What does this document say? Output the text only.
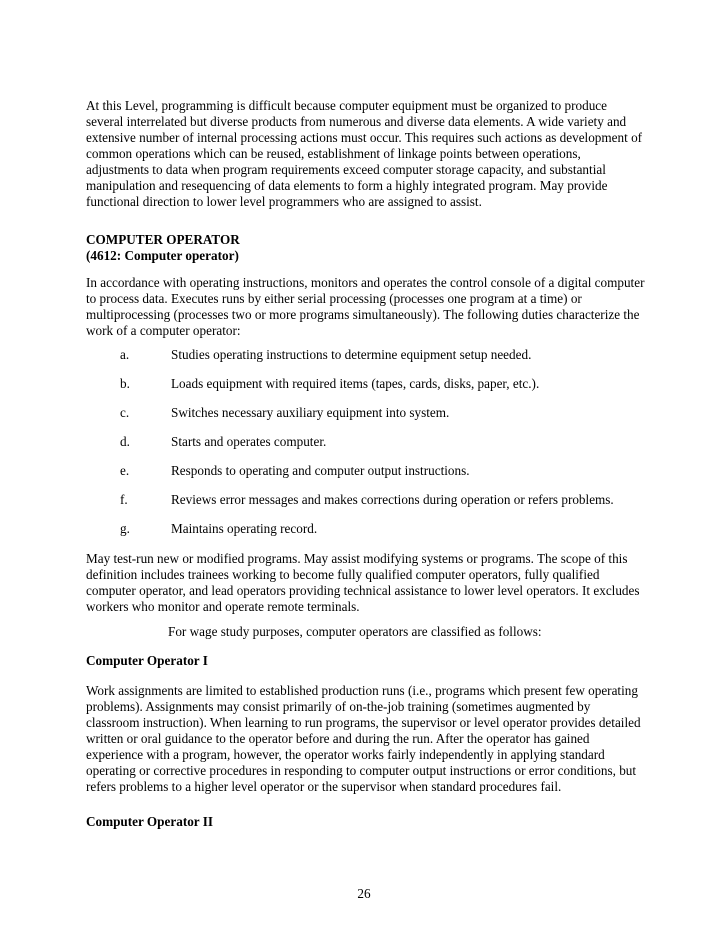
At this Level, programming is difficult because computer equipment must be organized to produce
several interrelated but diverse products from numerous and diverse data elements. A wide variety and
extensive number of internal processing actions must occur. This requires such actions as development of
common operations which can be reused, establishment of linkage points between operations,
adjustments to data when program requirements exceed computer storage capacity, and substantial
manipulation and resequencing of data elements to form a highly integrated program. May provide
functional direction to lower level programmers who are assigned to assist.

COMPUTER OPERATOR
(4612: Computer operator)

In accordance with operating instructions, monitors and operates the control console of a digital computer
to process data. Executes runs by either serial processing (processes one program at a time) or
multiprocessing (processes two or more programs simultaneously). The following duties characterize the
work of a computer operator:

a.	Studies operating instructions to determine equipment setup needed.
b.	Loads equipment with required items (tapes, cards, disks, paper, etc.).
c.	Switches necessary auxiliary equipment into system.
d.	Starts and operates computer.
e.	Responds to operating and computer output instructions.
f.	Reviews error messages and makes corrections during operation or refers problems.
g.	Maintains operating record.

May test-run new or modified programs. May assist modifying systems or programs. The scope of this
definition includes trainees working to become fully qualified computer operators, fully qualified
computer operator, and lead operators providing technical assistance to lower level operators. It excludes
workers who monitor and operate remote terminals.

For wage study purposes, computer operators are classified as follows:
Computer Operator I

Work assignments are limited to established production runs (i.e., programs which present few operating
problems). Assignments may consist primarily of on-the-job training (sometimes augmented by
classroom instruction). When learning to run programs, the supervisor or level operator provides detailed
written or oral guidance to the operator before and during the run. After the operator has gained
experience with a program, however, the operator works fairly independently in applying standard
operating or corrective procedures in responding to computer output instructions or error conditions, but
refers problems to a higher level operator or the supervisor when standard procedures fail.

Computer Operator II
26
